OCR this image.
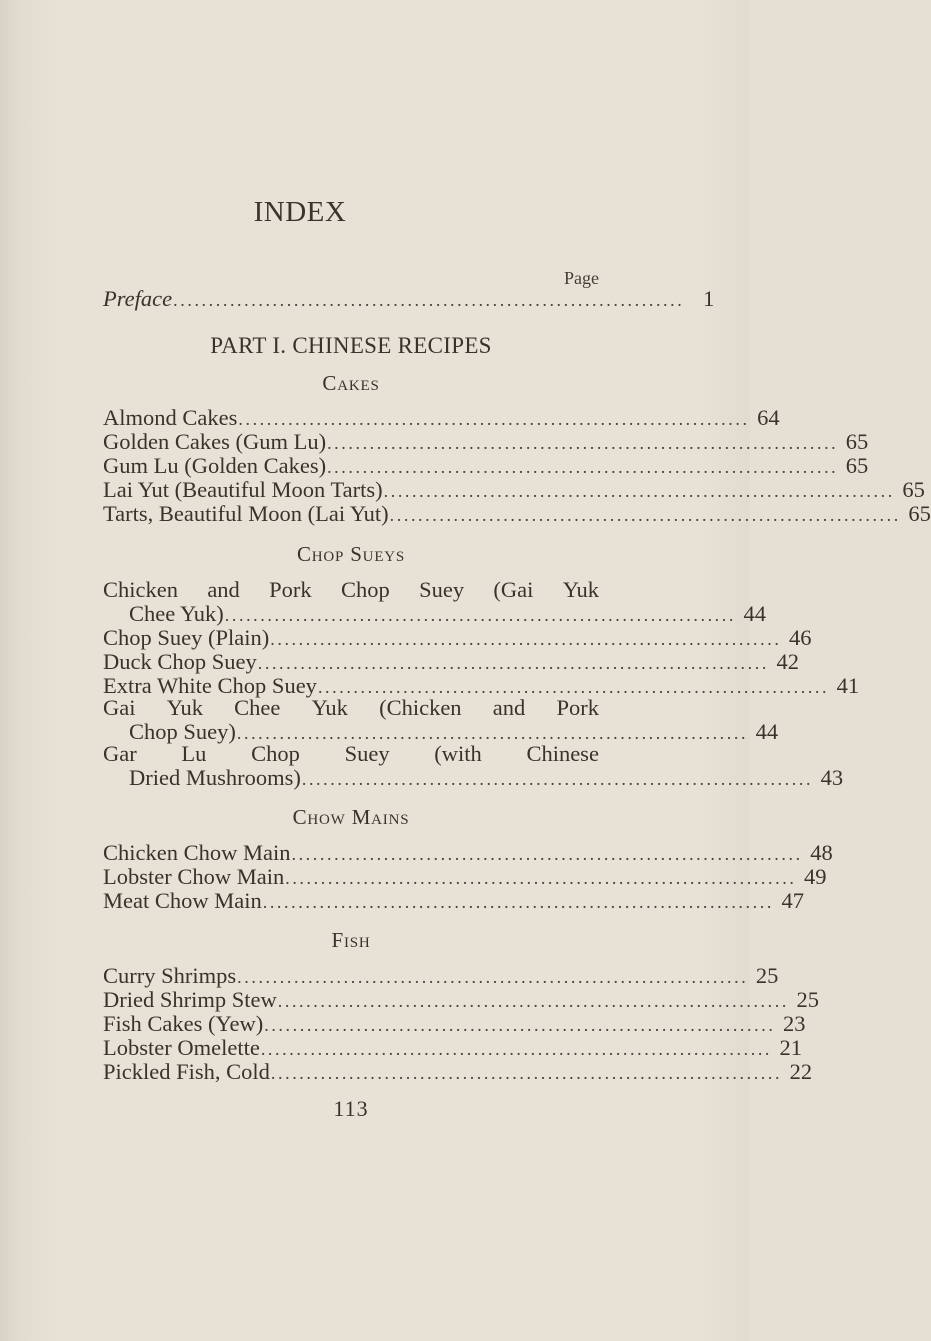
INDEX
Page
Preface ........................................................................ 1
PART I. CHINESE RECIPES
Cakes
Almond Cakes ........................................................................ 64
Golden Cakes (Gum Lu) ........................................................................ 65
Gum Lu (Golden Cakes) ........................................................................ 65
Lai Yut (Beautiful Moon Tarts) ........................................................................ 65
Tarts, Beautiful Moon (Lai Yut) ........................................................................ 65
Chop Sueys
Chicken and Pork Chop Suey (Gai Yuk
Chee Yuk) ........................................................................ 44
Chop Suey (Plain) ........................................................................ 46
Duck Chop Suey ........................................................................ 42
Extra White Chop Suey ........................................................................ 41
Gai Yuk Chee Yuk (Chicken and Pork
Chop Suey) ........................................................................ 44
Gar Lu Chop Suey (with Chinese
Dried Mushrooms) ........................................................................ 43
Chow Mains
Chicken Chow Main ........................................................................ 48
Lobster Chow Main ........................................................................ 49
Meat Chow Main ........................................................................ 47
Fish
Curry Shrimps ........................................................................ 25
Dried Shrimp Stew ........................................................................ 25
Fish Cakes (Yew) ........................................................................ 23
Lobster Omelette ........................................................................ 21
Pickled Fish, Cold ........................................................................ 22
113
